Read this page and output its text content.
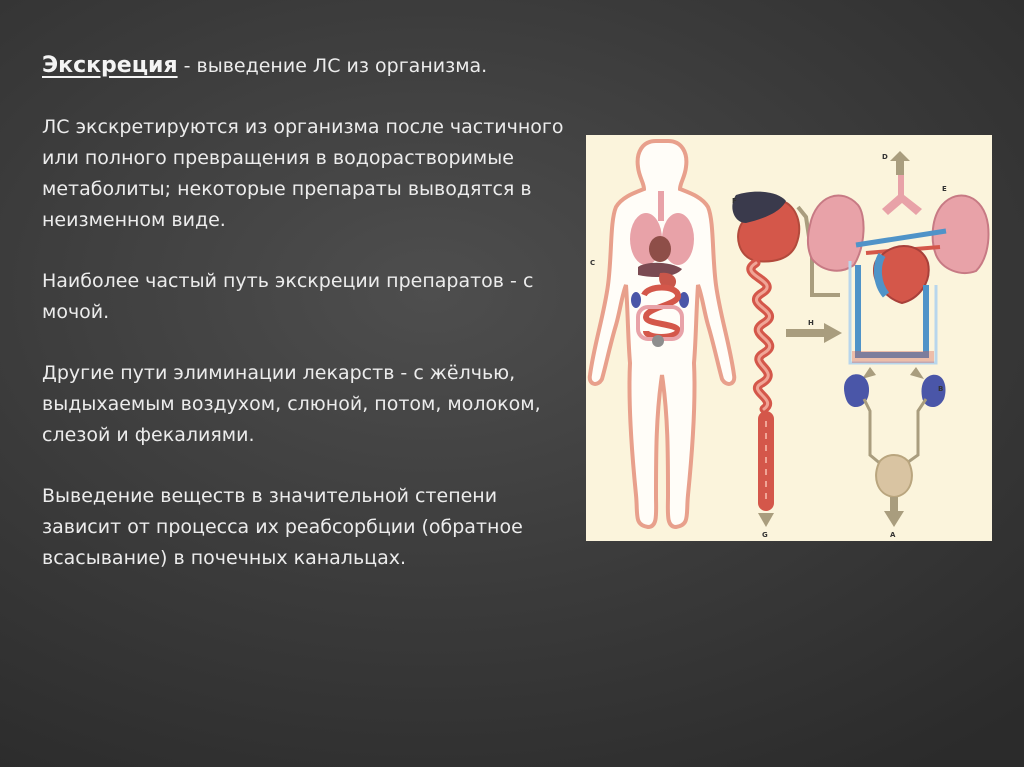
Экскреция - выведение ЛС из организма.

ЛС экскретируются из организма после частичного или полного превращения в водорастворимые метаболиты; некоторые препараты выводятся в неизменном виде.

Наиболее частый путь экскреции препаратов - с мочой.

Другие пути элиминации лекарств - с жёлчью, выдыхаемым воздухом, слюной, потом, молоком, слезой и фекалиями.

Выведение веществ в значительной степени зависит от процесса их реабсорбции (обратное всасывание) в почечных канальцах.

G
H
D
E
F
C
B
A
